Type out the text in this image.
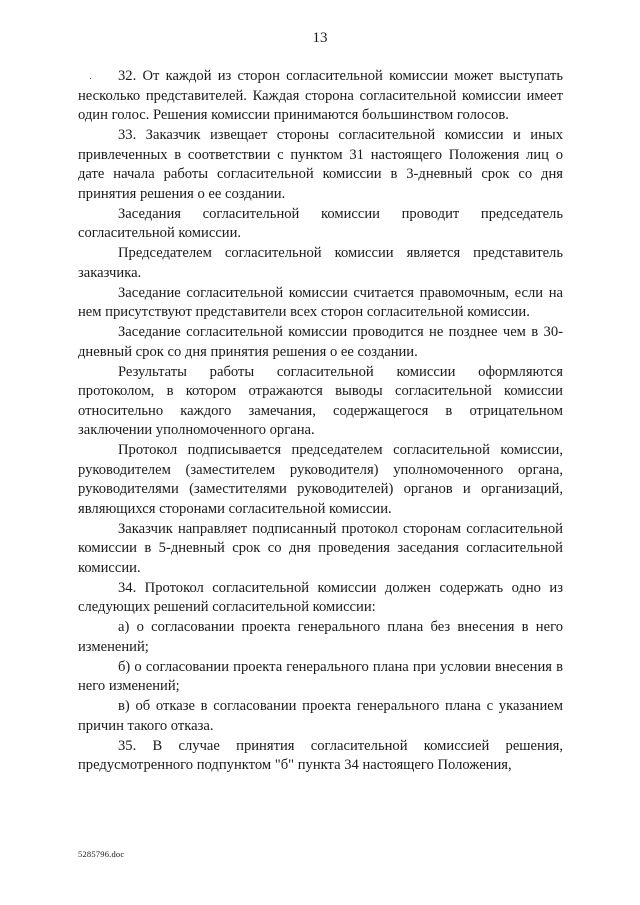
13

32. От каждой из сторон согласительной комиссии может выступать несколько представителей. Каждая сторона согласительной комиссии имеет один голос. Решения комиссии принимаются большинством голосов.

33. Заказчик извещает стороны согласительной комиссии и иных привлеченных в соответствии с пунктом 31 настоящего Положения лиц о дате начала работы согласительной комиссии в 3-дневный срок со дня принятия решения о ее создании.

Заседания согласительной комиссии проводит председатель согласительной комиссии.

Председателем согласительной комиссии является представитель заказчика.

Заседание согласительной комиссии считается правомочным, если на нем присутствуют представители всех сторон согласительной комиссии.

Заседание согласительной комиссии проводится не позднее чем в 30-дневный срок со дня принятия решения о ее создании.

Результаты работы согласительной комиссии оформляются протоколом, в котором отражаются выводы согласительной комиссии относительно каждого замечания, содержащегося в отрицательном заключении уполномоченного органа.

Протокол подписывается председателем согласительной комиссии, руководителем (заместителем руководителя) уполномоченного органа, руководителями (заместителями руководителей) органов и организаций, являющихся сторонами согласительной комиссии.

Заказчик направляет подписанный протокол сторонам согласительной комиссии в 5-дневный срок со дня проведения заседания согласительной комиссии.

34. Протокол согласительной комиссии должен содержать одно из следующих решений согласительной комиссии:

а) о согласовании проекта генерального плана без внесения в него изменений;

б) о согласовании проекта генерального плана при условии внесения в него изменений;

в) об отказе в согласовании проекта генерального плана с указанием причин такого отказа.

35. В случае принятия согласительной комиссией решения, предусмотренного подпунктом "б" пункта 34 настоящего Положения,

5285796.doc
